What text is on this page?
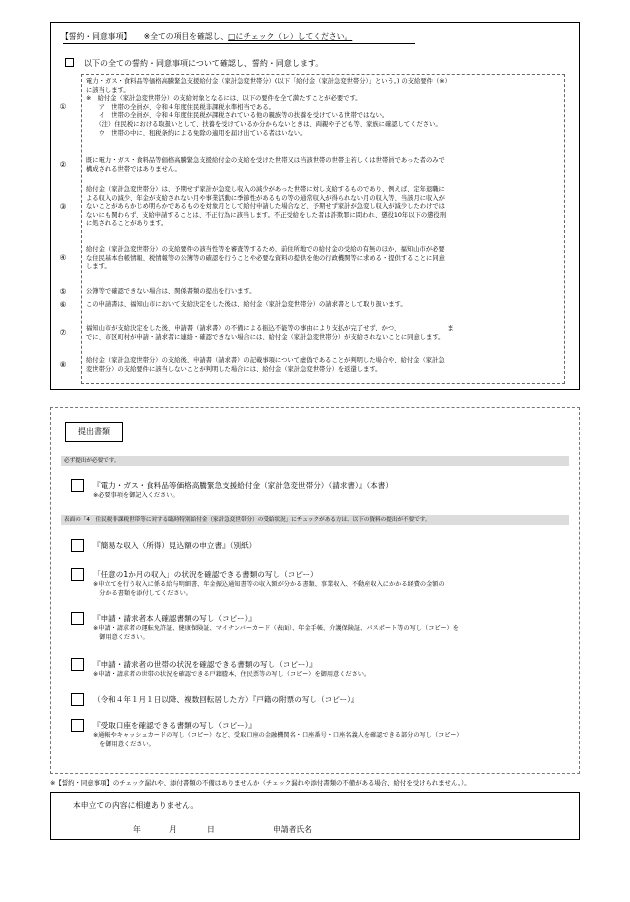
【誓約・同意事項】 ※全ての項目を確認し、□にチェック（レ）してください。
以下の全ての誓約・同意事項について確認し、誓約・同意します。
①
電力・ガス・食料品等価格高騰緊急支援給付金（家計急変世帯分）(以下「給付金（家計急変世帯分）」という。) の支給要件（※）
に該当します。
※　給付金（家計急変世帯分）の支給対象となるには、以下の要件を全て満たすことが必要です。
　　ア　世帯の全員が、令和４年度住民税非課税水準相当である。
　　イ　世帯の全員が、令和４年度住民税が課税されている他の親族等の扶養を受けている世帯ではない。
　　（注）住民税における取扱いとして、扶養を受けているか分からないときは、両親や子ども等、家族に確認してください。
　　ウ　世帯の中に、租税条約による免除の適用を届け出ている者はいない。
②	既に電力・ガス・食料品等価格高騰緊急支援給付金の支給を受けた世帯又は当該世帯の世帯主若しくは世帯員であった者のみで
構成される世帯ではありません。
③
給付金（家計急変世帯分）は、予期せず家計が急変し収入の減少があった世帯に対し支給するものであり、例えば、定年退職に
よる収入の減少、年金が支給されない月や事業活動に季節性があるもの等の通常収入が得られない月の収入等、当該月に収入が
ないことがあらかじめ明らかであるものを対象月として給付申請した場合など、予期せず家計が急変し収入が減少したわけでは
ないにも関わらず、支給申請することは、不正行為に該当します。不正受給をした者は詐欺罪に問われ、懲役10年以下の懲役刑
に処されることがあります。
④
給付金（家計急変世帯分）の支給要件の該当性等を審査等するため、前住所地での給付金の受給の有無のほか、福知山市が必要
な住民基本台帳情報、税情報等の公簿等の確認を行うことや必要な資料の提供を他の行政機関等に求める・提供することに同意
します。
⑤	公簿等で確認できない場合は、関係書類の提出を行います。
⑥	この申請書は、福知山市において支給決定をした後は、給付金（家計急変世帯分）の請求書として取り扱います。
⑦	福知山市が支給決定をした後、申請書（請求書）の不備による振込不能等の事由により支払が完了せず、かつ、　　　　　　　　ま
でに、市区町村が申請・請求者に連絡・確認できない場合には、給付金（家計急変世帯分）が支給されないことに同意します。
⑧	給付金（家計急変世帯分）の支給後、申請書（請求書）の記載事項について虚偽であることが判明した場合や、給付金（家計急
変世帯分）の支給要件に該当しないことが判明した場合には、給付金（家計急変世帯分）を返還します。
提出書類
必ず提出が必要です。
表面の「4　住民税非課税世帯等に対する臨時特別給付金（家計急変世帯分）の受給状況」にチェックがある方は、以下の資料の提出が不要です。
『電力・ガス・食料品等価格高騰緊急支援給付金（家計急変世帯分）（請求書）』（本書）
※必要事項を御記入ください。
『簡易な収入（所得）見込額の申立書』（別紙）
「任意の1か月の収入」の状況を確認できる書類の写し（コピー）
※申立てを行う収入に係る給与明細書、年金振込通知書等の収入額が分かる書類、事業収入、不動産収入にかかる経費の金額の
　分かる書類を添付してください。
『申請・請求者本人確認書類の写し（コピー）』
※申請・請求者の運転免許証、健康保険証、マイナンバーカード（表面）、年金手帳、介護保険証、パスポート等の写し（コピー）を
　御用意ください。
『申請・請求者の世帯の状況を確認できる書類の写し（コピー）』
※申請・請求者の世帯の状況を確認できる戸籍謄本、住民票等の写し（コピー）を御用意ください。
（令和４年１月１日以降、複数回転居した方）『戸籍の附票の写し（コピー）』
『受取口座を確認できる書類の写し（コピー）』
※通帳やキャッシュカードの写し（コピー）など、受取口座の金融機関名・口座番号・口座名義人を確認できる部分の写し（コピー）
　を御用意ください。
※【誓約・同意事項】のチェック漏れや、添付書類の不備はありませんか（チェック漏れや添付書類の不備がある場合、給付を受けられません。）。
本申立ての内容に相違ありません。
年	月	日	申請者氏名
